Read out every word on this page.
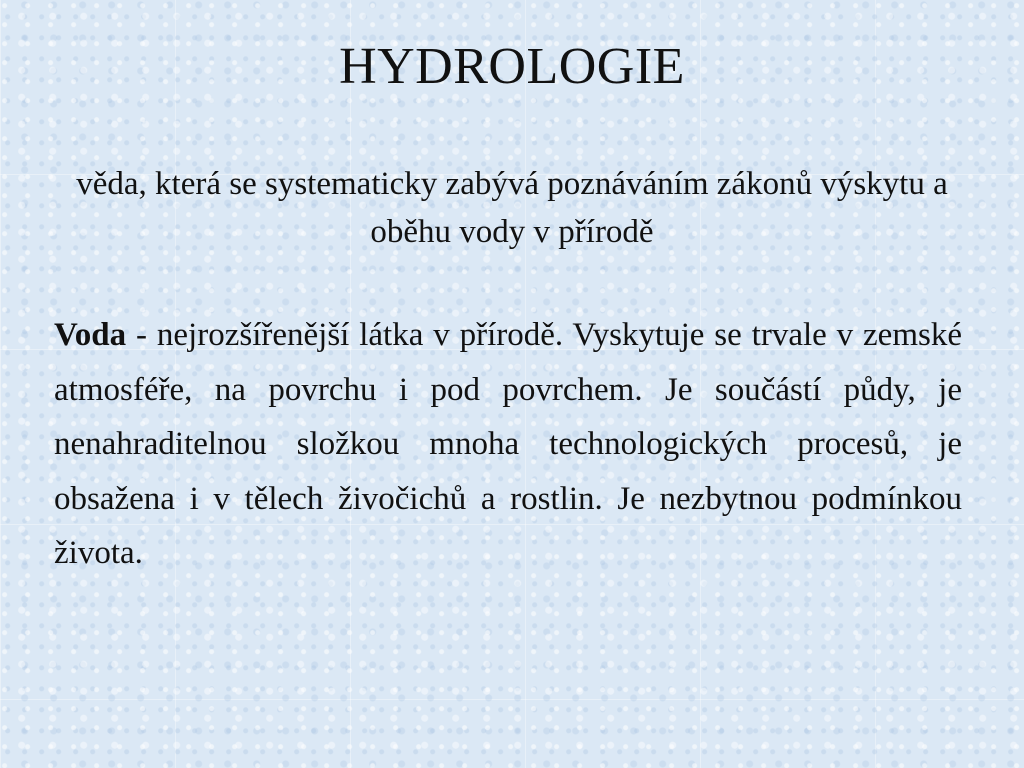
HYDROLOGIE

věda, která se systematicky zabývá poznáváním zákonů výskytu a oběhu vody v přírodě

Voda - nejrozšířenější látka v přírodě. Vyskytuje se trvale v zemské atmosféře, na povrchu i pod povrchem. Je součástí půdy, je nenahraditelnou složkou mnoha technologických procesů, je obsažena i v tělech živočichů a rostlin. Je nezbytnou podmínkou života.
